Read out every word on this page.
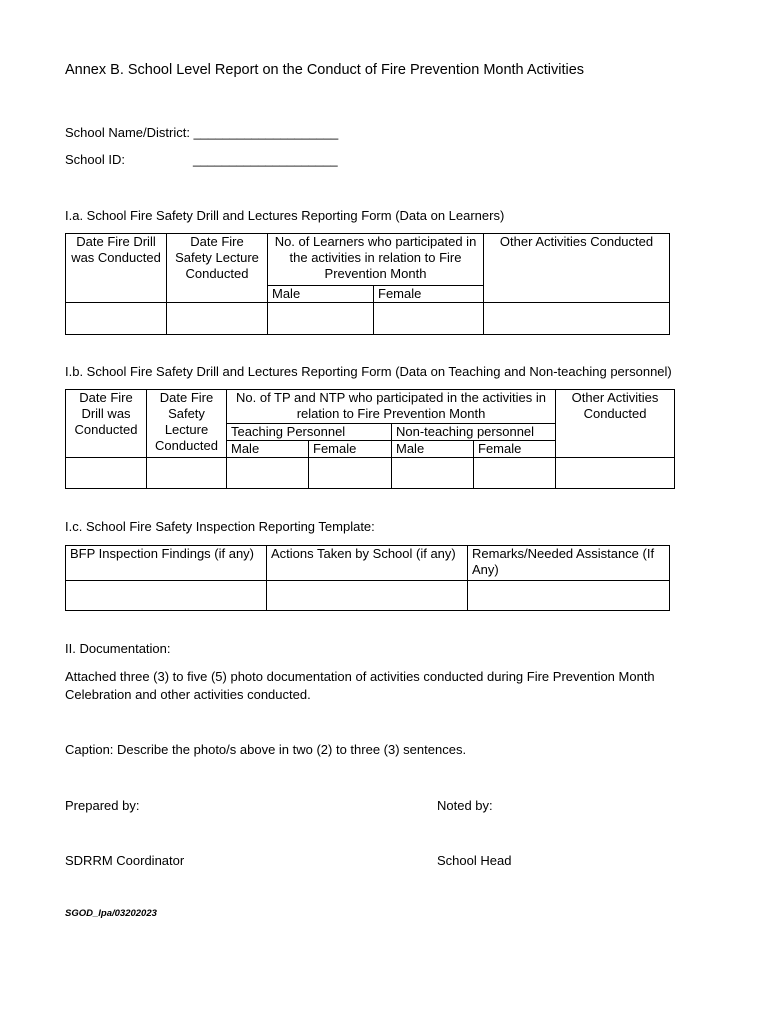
Annex B. School Level Report on the Conduct of Fire Prevention Month Activities
School Name/District: ____________________
School ID:	____________________
I.a. School Fire Safety Drill and Lectures Reporting Form (Data on Learners)
Date Fire Drill was Conducted	Date Fire Safety Lecture Conducted	No. of Learners who participated in the activities in relation to Fire Prevention Month		Other Activities Conducted
		Male	Female	

I.b. School Fire Safety Drill and Lectures Reporting Form (Data on Teaching and Non-teaching personnel)
Date Fire Drill was Conducted	Date Fire Safety Lecture Conducted	No. of TP and NTP who participated in the activities in relation to Fire Prevention Month				Other Activities Conducted
		Teaching Personnel		Non-teaching personnel		
		Male	Female	Male	Female	

I.c. School Fire Safety Inspection Reporting Template:
BFP Inspection Findings (if any)	Actions Taken by School (if any)	Remarks/Needed Assistance (If Any)

II. Documentation:
Attached three (3) to five (5) photo documentation of activities conducted during Fire Prevention Month Celebration and other activities conducted.
Caption: Describe the photo/s above in two (2) to three (3) sentences.
Prepared by:	Noted by:
SDRRM Coordinator	School Head
SGOD_lpa/03202023
